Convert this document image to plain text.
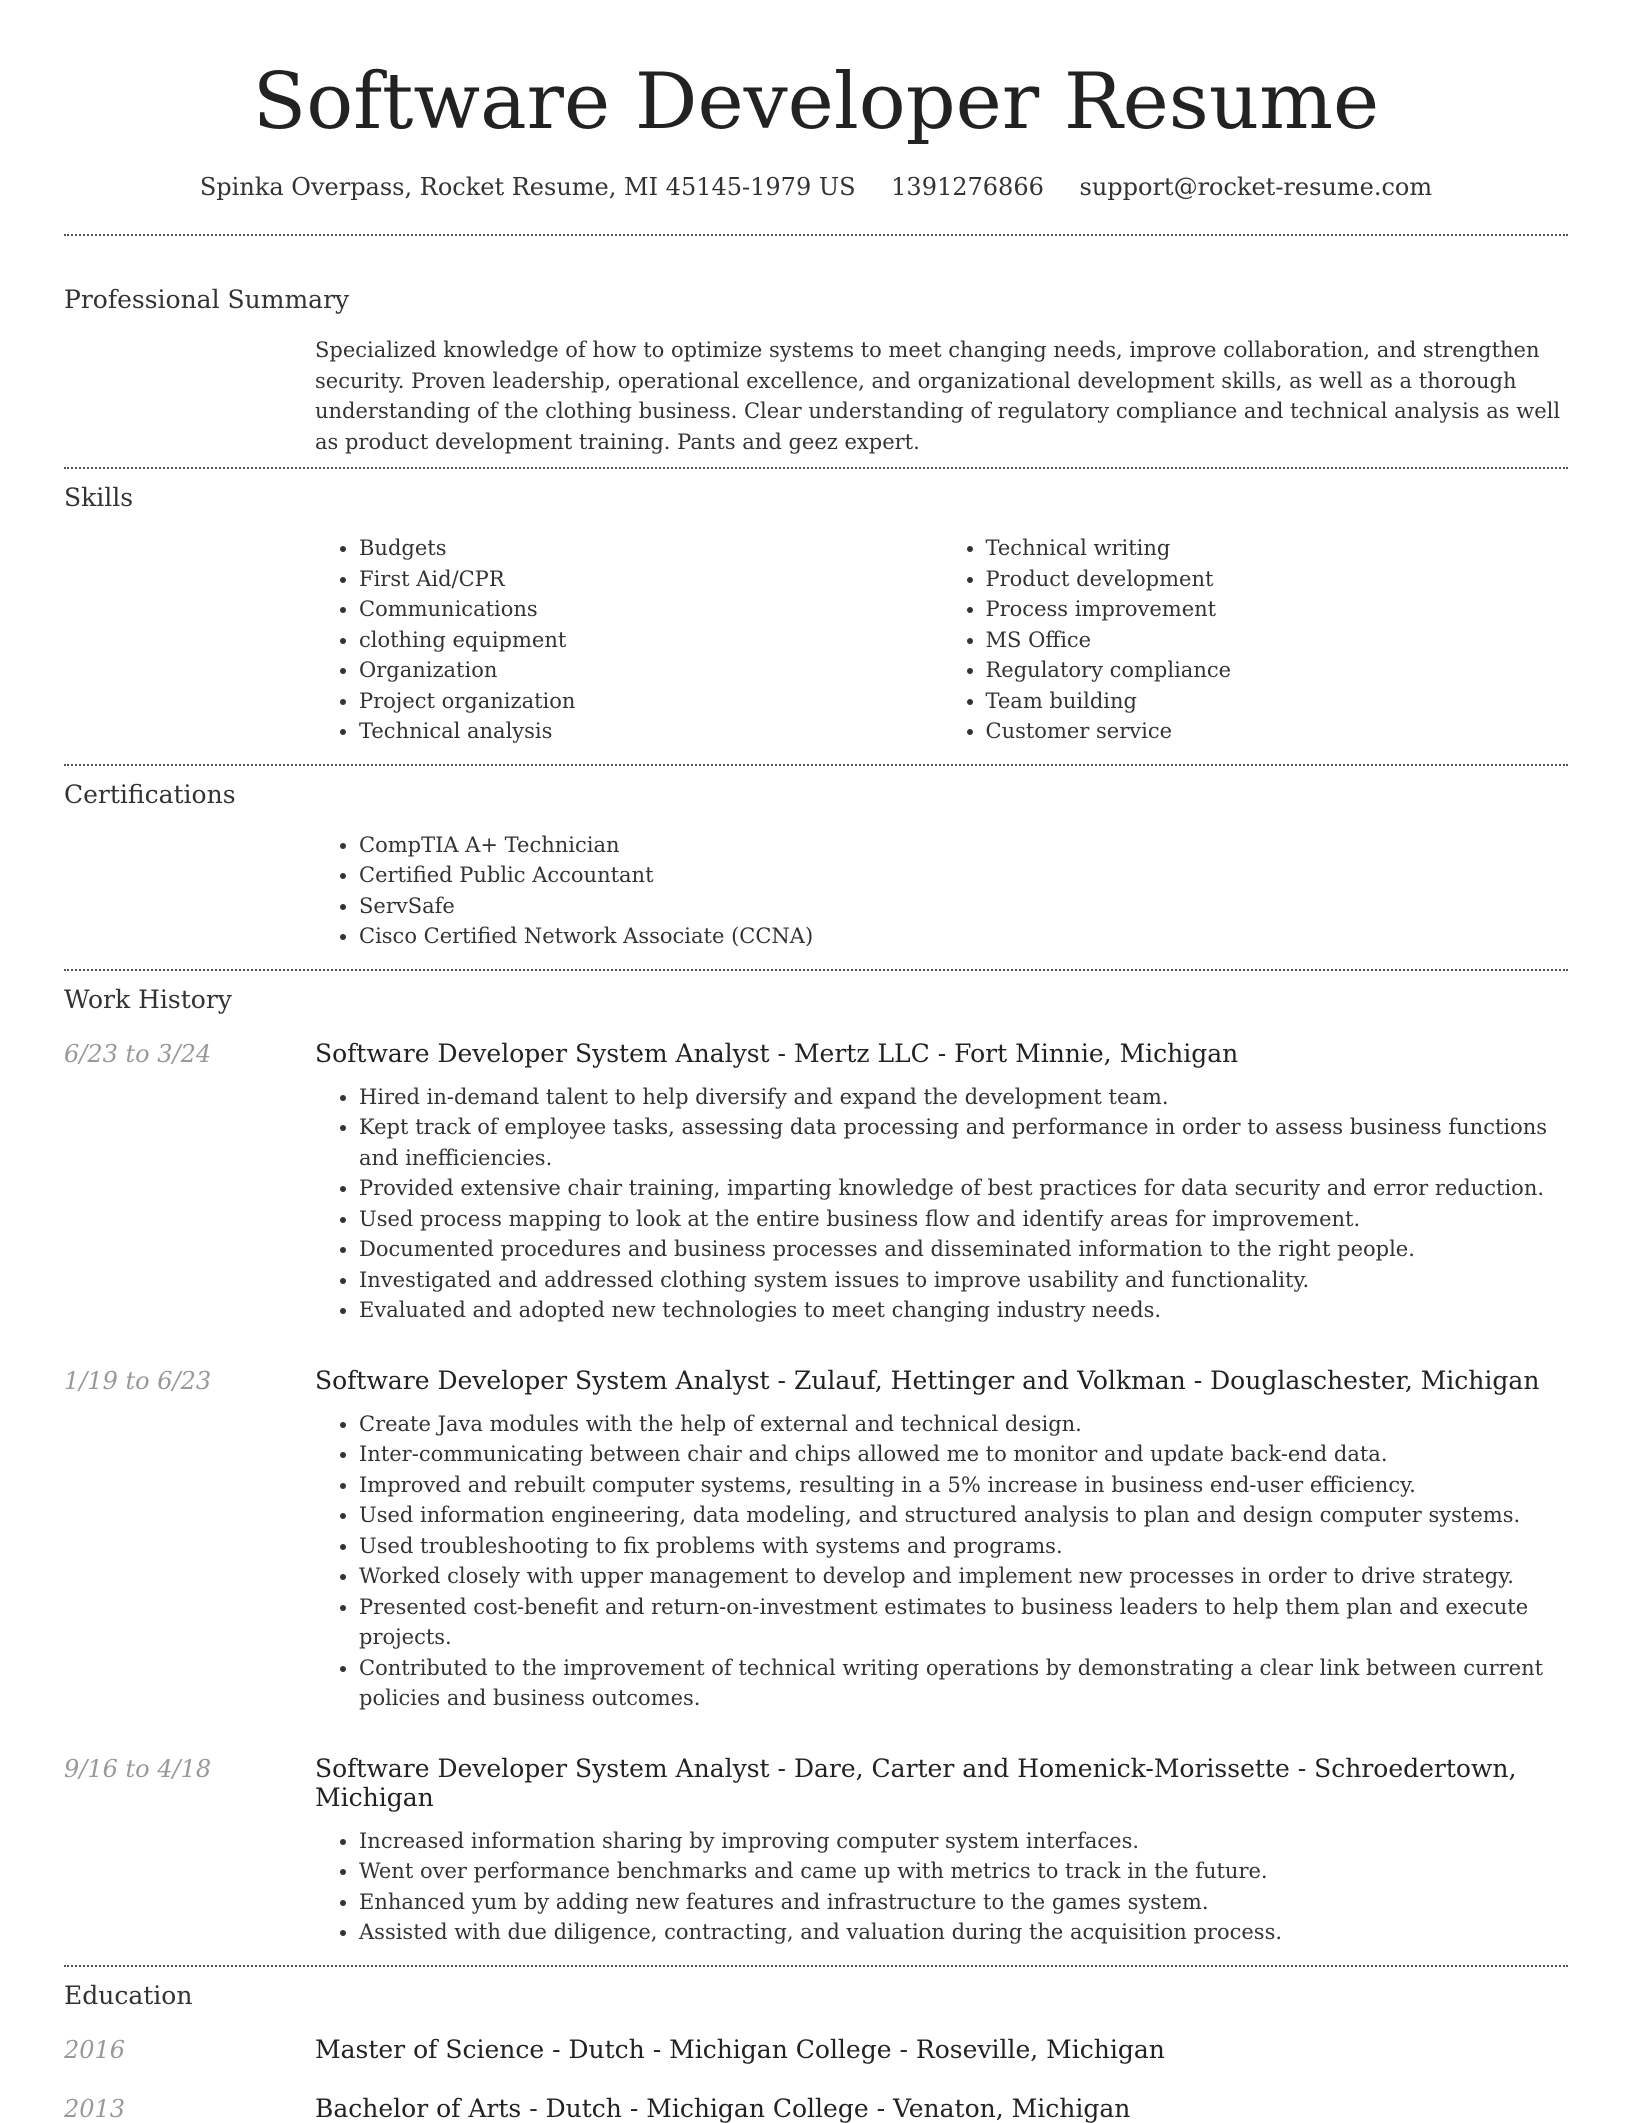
Software Developer Resume
Spinka Overpass, Rocket Resume, MI 45145-1979 US 1391276866 support@rocket-resume.com
Professional Summary

Specialized knowledge of how to optimize systems to meet changing needs, improve collaboration, and strengthen security. Proven leadership, operational excellence, and organizational development skills, as well as a thorough understanding of the clothing business. Clear understanding of regulatory compliance and technical analysis as well as product development training. Pants and geez expert.

Skills
• Budgets
• First Aid/CPR
• Communications
• clothing equipment
• Organization
• Project organization
• Technical analysis
• Technical writing
• Product development
• Process improvement
• MS Office
• Regulatory compliance
• Team building
• Customer service
Certifications
• CompTIA A+ Technician
• Certified Public Accountant
• ServSafe
• Cisco Certified Network Associate (CCNA)
Work History
6/23 to 3/24	Software Developer System Analyst - Mertz LLC - Fort Minnie, Michigan
• Hired in-demand talent to help diversify and expand the development team.
• Kept track of employee tasks, assessing data processing and performance in order to assess business functions and inefficiencies.
• Provided extensive chair training, imparting knowledge of best practices for data security and error reduction.
• Used process mapping to look at the entire business flow and identify areas for improvement.
• Documented procedures and business processes and disseminated information to the right people.
• Investigated and addressed clothing system issues to improve usability and functionality.
• Evaluated and adopted new technologies to meet changing industry needs.
1/19 to 6/23	Software Developer System Analyst - Zulauf, Hettinger and Volkman - Douglaschester, Michigan
• Create Java modules with the help of external and technical design.
• Inter-communicating between chair and chips allowed me to monitor and update back-end data.
• Improved and rebuilt computer systems, resulting in a 5% increase in business end-user efficiency.
• Used information engineering, data modeling, and structured analysis to plan and design computer systems.
• Used troubleshooting to fix problems with systems and programs.
• Worked closely with upper management to develop and implement new processes in order to drive strategy.
• Presented cost-benefit and return-on-investment estimates to business leaders to help them plan and execute projects.
• Contributed to the improvement of technical writing operations by demonstrating a clear link between current policies and business outcomes.
9/16 to 4/18	Software Developer System Analyst - Dare, Carter and Homenick-Morissette - Schroedertown, Michigan
• Increased information sharing by improving computer system interfaces.
• Went over performance benchmarks and came up with metrics to track in the future.
• Enhanced yum by adding new features and infrastructure to the games system.
• Assisted with due diligence, contracting, and valuation during the acquisition process.
Education
2016	Master of Science - Dutch - Michigan College - Roseville, Michigan
2013	Bachelor of Arts - Dutch - Michigan College - Venaton, Michigan
